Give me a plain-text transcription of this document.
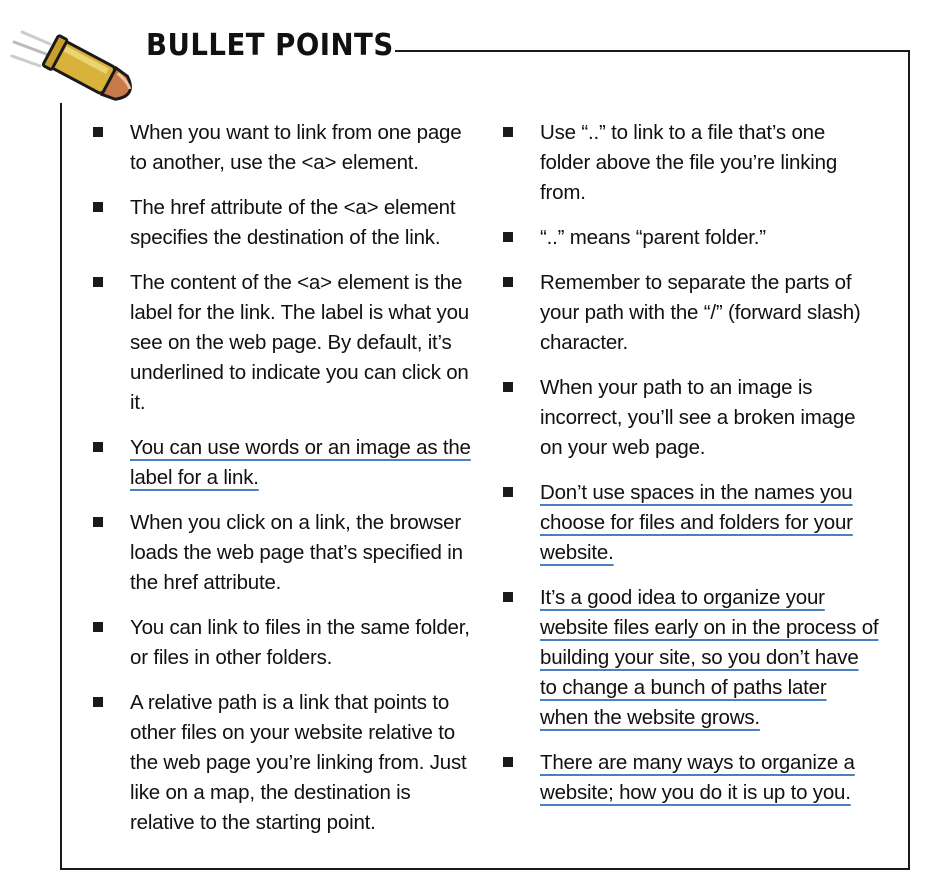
BULLET POINTS
When you want to link from one page to another, use the <a> element.
The href attribute of the <a> element specifies the destination of the link.
The content of the <a> element is the label for the link. The label is what you see on the web page. By default, it’s underlined to indicate you can click on it.
You can use words or an image as the label for a link.
When you click on a link, the browser loads the web page that’s specified in the href attribute.
You can link to files in the same folder, or files in other folders.
A relative path is a link that points to other files on your website relative to the web page you’re linking from. Just like on a map, the destination is relative to the starting point.
Use “..” to link to a file that’s one folder above the file you’re linking from.
“..” means “parent folder.”
Remember to separate the parts of your path with the “/” (forward slash) character.
When your path to an image is incorrect, you’ll see a broken image on your web page.
Don’t use spaces in the names you choose for files and folders for your website.
It’s a good idea to organize your website files early on in the process of building your site, so you don’t have to change a bunch of paths later when the website grows.
There are many ways to organize a website; how you do it is up to you.
